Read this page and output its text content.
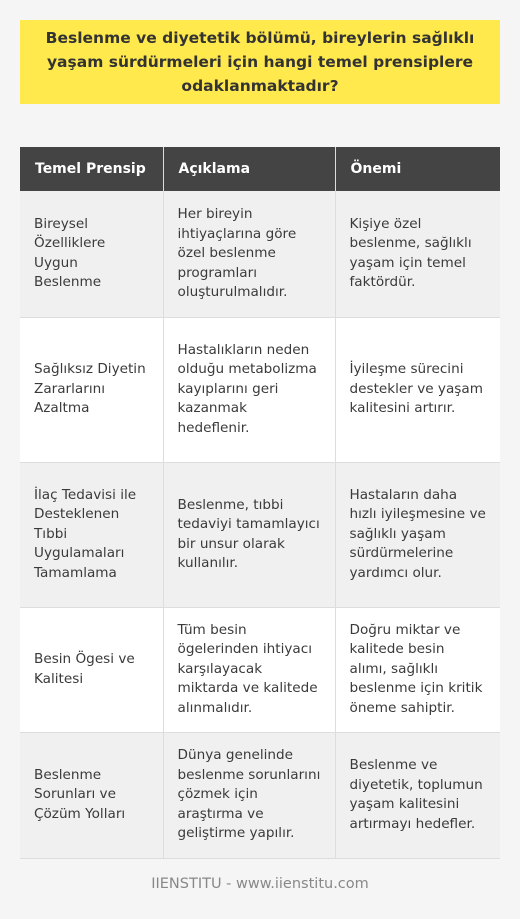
Beslenme ve diyetetik bölümü, bireylerin sağlıklı yaşam sürdürmeleri için hangi temel prensiplere odaklanmaktadır?
Temel Prensip	Açıklama	Önemi
Bireysel Özelliklere Uygun Beslenme	Her bireyin ihtiyaçlarına göre özel beslenme programları oluşturulmalıdır.	Kişiye özel beslenme, sağlıklı yaşam için temel faktördür.
Sağlıksız Diyetin Zararlarını Azaltma	Hastalıkların neden olduğu metabolizma kayıplarını geri kazanmak hedeflenir.	İyileşme sürecini destekler ve yaşam kalitesini artırır.
İlaç Tedavisi ile Desteklenen Tıbbi Uygulamaları Tamamlama	Beslenme, tıbbi tedaviyi tamamlayıcı bir unsur olarak kullanılır.	Hastaların daha hızlı iyileşmesine ve sağlıklı yaşam sürdürmelerine yardımcı olur.
Besin Ögesi ve Kalitesi	Tüm besin ögelerinden ihtiyacı karşılayacak miktarda ve kalitede alınmalıdır.	Doğru miktar ve kalitede besin alımı, sağlıklı beslenme için kritik öneme sahiptir.
Beslenme Sorunları ve Çözüm Yolları	Dünya genelinde beslenme sorunlarını çözmek için araştırma ve geliştirme yapılır.	Beslenme ve diyetetik, toplumun yaşam kalitesini artırmayı hedefler.
IIENSTITU - www.iienstitu.com
